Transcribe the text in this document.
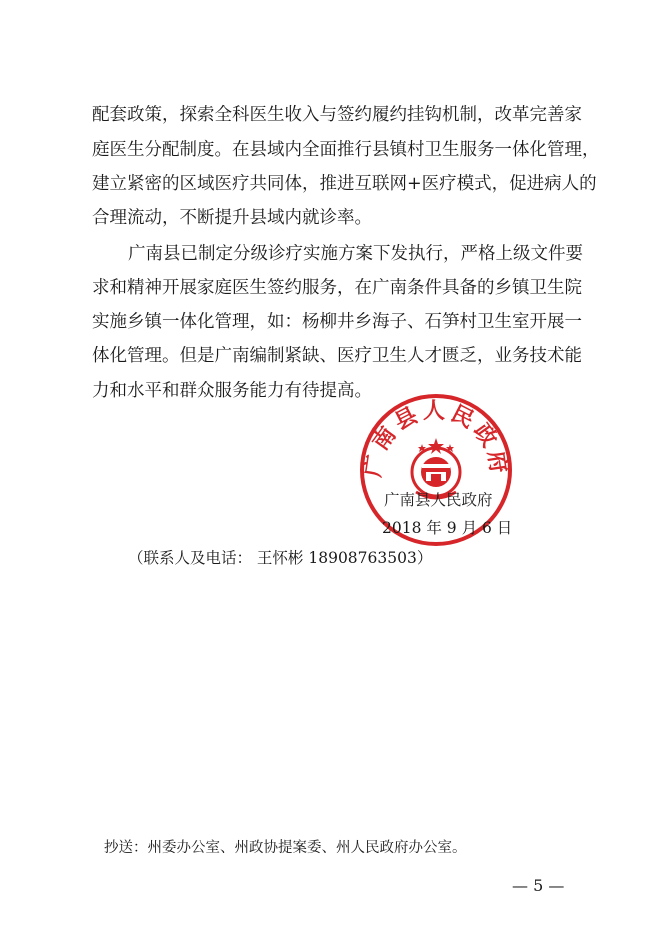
配套政策，探索全科医生收入与签约履约挂钩机制，改革完善家
庭医生分配制度。在县域内全面推行县镇村卫生服务一体化管理，
建立紧密的区域医疗共同体，推进互联网+医疗模式，促进病人的
合理流动，不断提升县域内就诊率。
广南县已制定分级诊疗实施方案下发执行，严格上级文件要
求和精神开展家庭医生签约服务，在广南条件具备的乡镇卫生院
实施乡镇一体化管理，如：杨柳井乡海子、石笋村卫生室开展一
体化管理。但是广南编制紧缺、医疗卫生人才匮乏，业务技术能
力和水平和群众服务能力有待提高。
广南县人民政府
广南县人民政府
2018 年 9 月 6 日
（联系人及电话： 王怀彬 18908763503）
抄送：州委办公室、州政协提案委、州人民政府办公室。
— 5 —
